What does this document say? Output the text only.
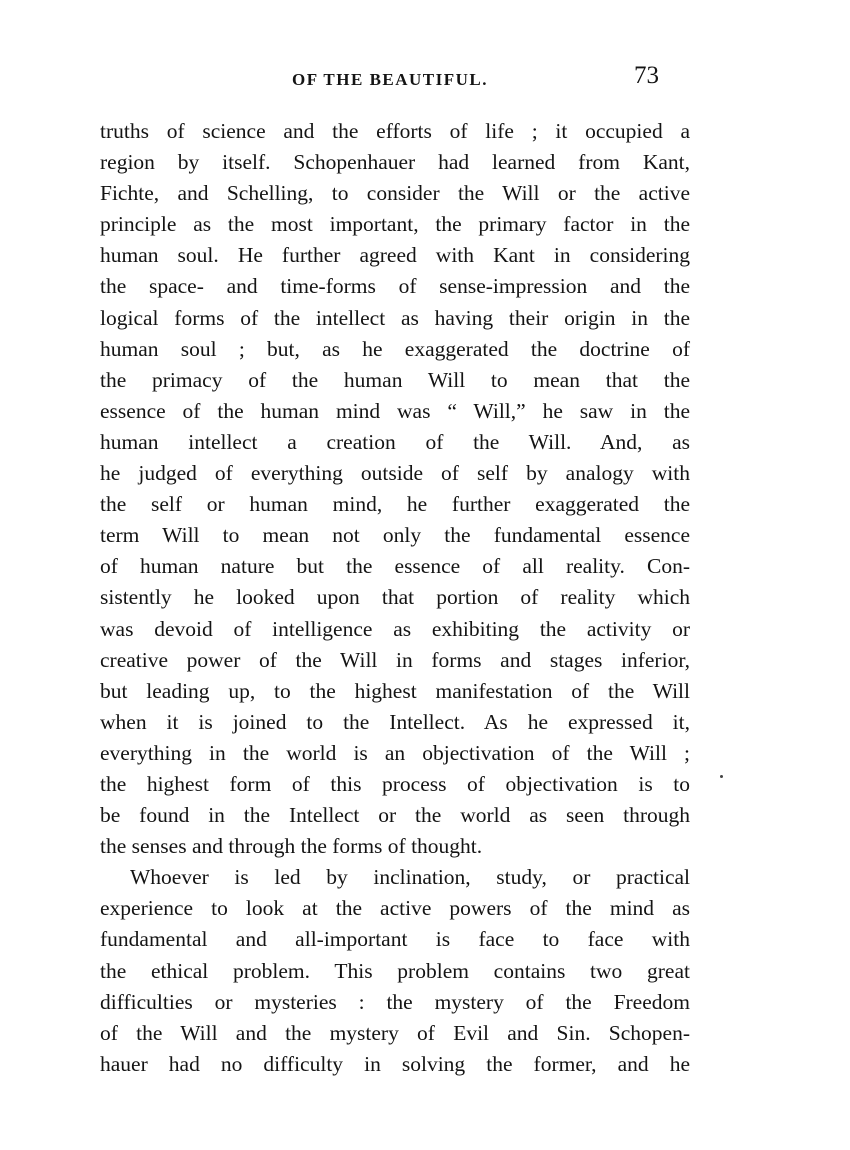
OF THE BEAUTIFUL.	73
truths of science and the efforts of life ; it occupied a
region by itself. Schopenhauer had learned from Kant,
Fichte, and Schelling, to consider the Will or the active
principle as the most important, the primary factor in the
human soul. He further agreed with Kant in considering
the space- and time-forms of sense-impression and the
logical forms of the intellect as having their origin in the
human soul ; but, as he exaggerated the doctrine of
the primacy of the human Will to mean that the
essence of the human mind was “ Will,” he saw in the
human intellect a creation of the Will. And, as
he judged of everything outside of self by analogy with
the self or human mind, he further exaggerated the
term Will to mean not only the fundamental essence
of human nature but the essence of all reality. Con-
sistently he looked upon that portion of reality which
was devoid of intelligence as exhibiting the activity or
creative power of the Will in forms and stages inferior,
but leading up, to the highest manifestation of the Will
when it is joined to the Intellect. As he expressed it,
everything in the world is an objectivation of the Will ;
the highest form of this process of objectivation is to
be found in the Intellect or the world as seen through
the senses and through the forms of thought.
Whoever is led by inclination, study, or practical
experience to look at the active powers of the mind as
fundamental and all-important is face to face with
the ethical problem. This problem contains two great
difficulties or mysteries : the mystery of the Freedom
of the Will and the mystery of Evil and Sin. Schopen-
hauer had no difficulty in solving the former, and he
